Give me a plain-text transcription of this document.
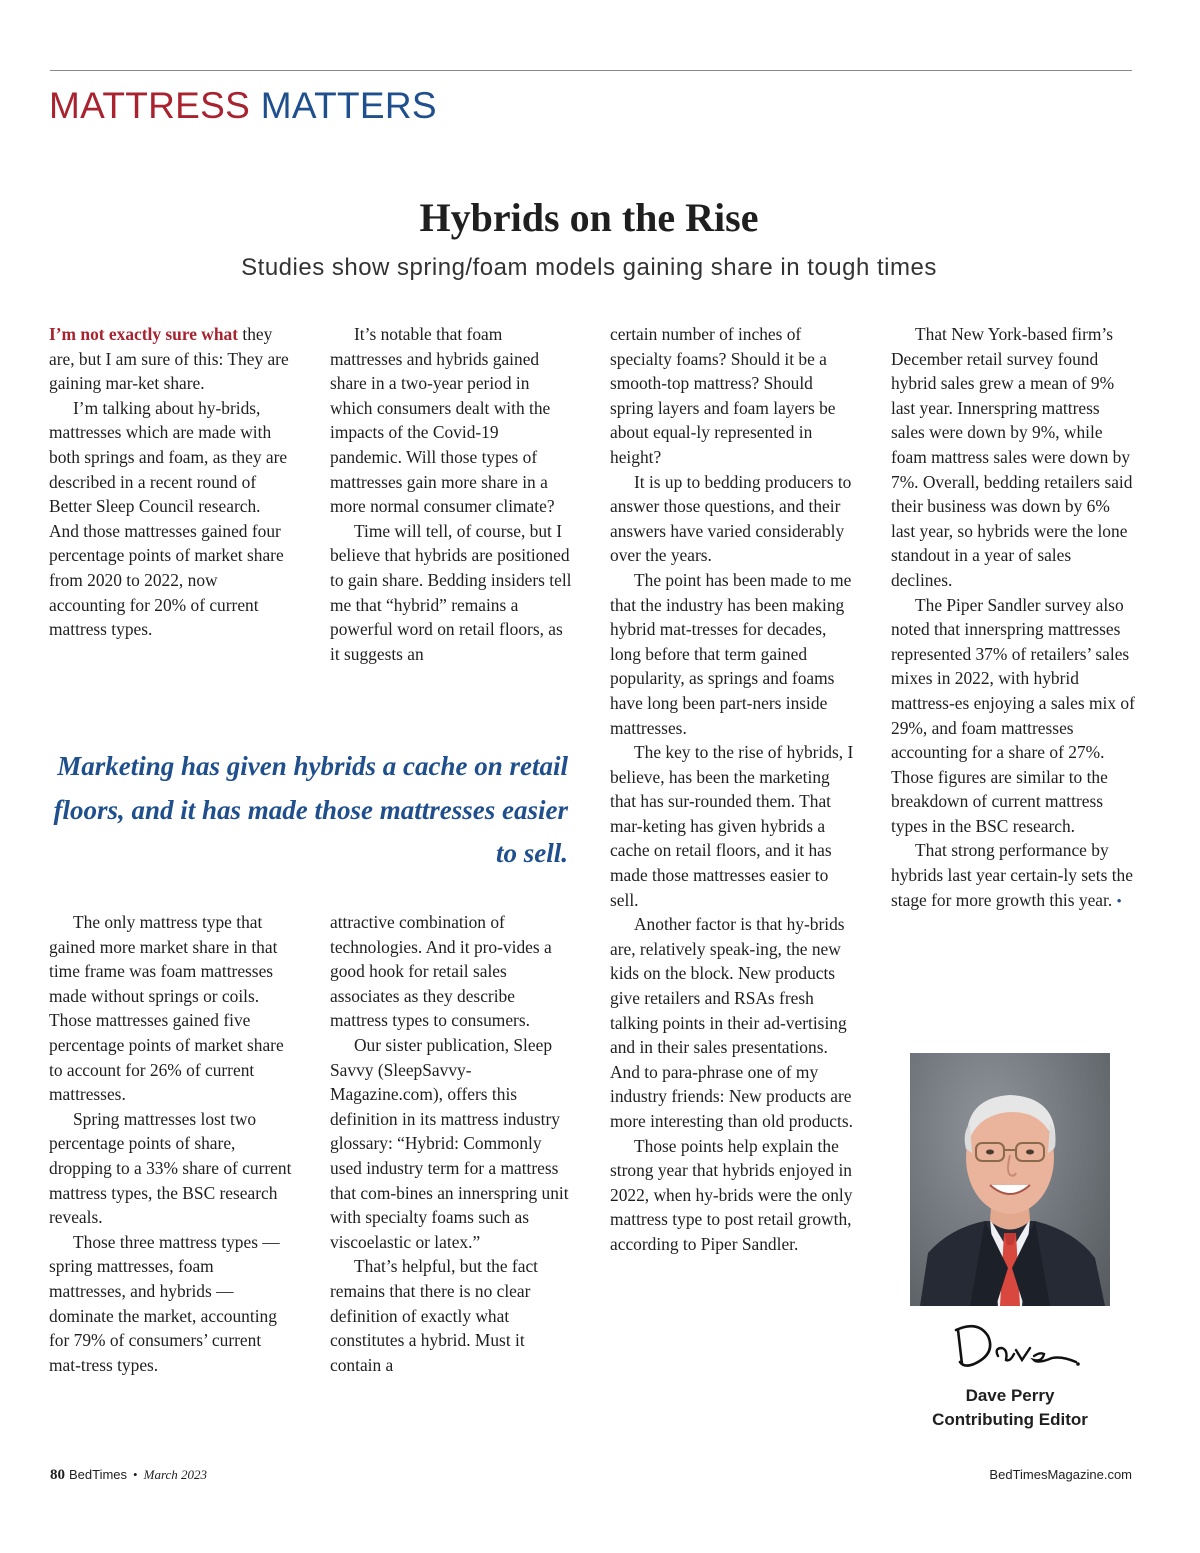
MATTRESS MATTERS
Hybrids on the Rise
Studies show spring/foam models gaining share in tough times

I’m not exactly sure what they are, but I am sure of this: They are gaining mar-ket share.

I’m talking about hy-brids, mattresses which are made with both springs and foam, as they are described in a recent round of Better Sleep Council research. And those mattresses gained four percentage points of market share from 2020 to 2022, now accounting for 20% of current mattress types.

It’s notable that foam mattresses and hybrids gained share in a two-year period in which consumers dealt with the impacts of the Covid-19 pandemic. Will those types of mattresses gain more share in a more normal consumer climate?

Time will tell, of course, but I believe that hybrids are positioned to gain share. Bedding insiders tell me that “hybrid” remains a powerful word on retail floors, as it suggests an

Marketing has given hybrids a cache on retail floors, and it has made those mattresses easier to sell.

The only mattress type that gained more market share in that time frame was foam mattresses made without springs or coils. Those mattresses gained five percentage points of market share to account for 26% of current mattresses.

Spring mattresses lost two percentage points of share, dropping to a 33% share of current mattress types, the BSC research reveals.

Those three mattress types — spring mattresses, foam mattresses, and hybrids — dominate the market, accounting for 79% of consumers’ current mat-tress types.

attractive combination of technologies. And it pro-vides a good hook for retail sales associates as they describe mattress types to consumers.

Our sister publication, Sleep Savvy (SleepSavvy-Magazine.com), offers this definition in its mattress industry glossary: “Hybrid: Commonly used industry term for a mattress that com-bines an innerspring unit with specialty foams such as viscoelastic or latex.”

That’s helpful, but the fact remains that there is no clear definition of exactly what constitutes a hybrid. Must it contain a

certain number of inches of specialty foams? Should it be a smooth-top mattress? Should spring layers and foam layers be about equal-ly represented in height?

It is up to bedding producers to answer those questions, and their answers have varied considerably over the years.

The point has been made to me that the industry has been making hybrid mat-tresses for decades, long before that term gained popularity, as springs and foams have long been part-ners inside mattresses.

The key to the rise of hybrids, I believe, has been the marketing that has sur-rounded them. That mar-keting has given hybrids a cache on retail floors, and it has made those mattresses easier to sell.

Another factor is that hy-brids are, relatively speak-ing, the new kids on the block. New products give retailers and RSAs fresh talking points in their ad-vertising and in their sales presentations. And to para-phrase one of my industry friends: New products are more interesting than old products.

Those points help explain the strong year that hybrids enjoyed in 2022, when hy-brids were the only mattress type to post retail growth, according to Piper Sandler.

That New York-based firm’s December retail survey found hybrid sales grew a mean of 9% last year. Innerspring mattress sales were down by 9%, while foam mattress sales were down by 7%. Overall, bedding retailers said their business was down by 6% last year, so hybrids were the lone standout in a year of sales declines.

The Piper Sandler survey also noted that innerspring mattresses represented 37% of retailers’ sales mixes in 2022, with hybrid mattress-es enjoying a sales mix of 29%, and foam mattresses accounting for a share of 27%. Those figures are similar to the breakdown of current mattress types in the BSC research.

That strong performance by hybrids last year certain-ly sets the stage for more growth this year. •

Dave Perry
Contributing Editor
80 BedTimes • March 2023	BedTimesMagazine.com
